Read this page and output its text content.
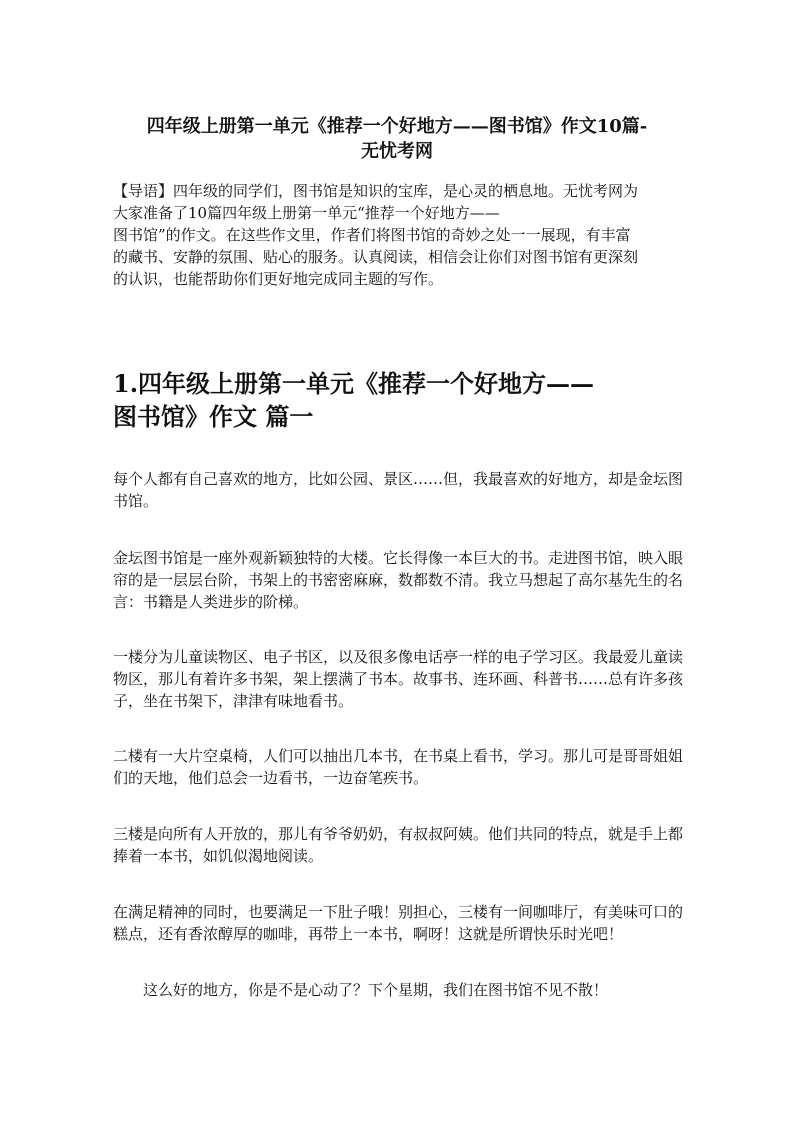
四年级上册第一单元《推荐一个好地方——图书馆》作文10篇-
无忧考网

【导语】四年级的同学们，图书馆是知识的宝库，是心灵的栖息地。无忧考网为
大家准备了10篇四年级上册第一单元“推荐一个好地方——
图书馆”的作文。在这些作文里，作者们将图书馆的奇妙之处一一展现，有丰富
的藏书、安静的氛围、贴心的服务。认真阅读，相信会让你们对图书馆有更深刻
的认识，也能帮助你们更好地完成同主题的写作。

1.四年级上册第一单元《推荐一个好地方——
图书馆》作文 篇一

每个人都有自己喜欢的地方，比如公园、景区……但，我最喜欢的好地方，却是金坛图书馆。

金坛图书馆是一座外观新颖独特的大楼。它长得像一本巨大的书。走进图书馆，映入眼帘的是一层层台阶，书架上的书密密麻麻，数都数不清。我立马想起了高尔基先生的名言：书籍是人类进步的阶梯。

一楼分为儿童读物区、电子书区，以及很多像电话亭一样的电子学习区。我最爱儿童读物区，那儿有着许多书架，架上摆满了书本。故事书、连环画、科普书……总有许多孩子，坐在书架下，津津有味地看书。

二楼有一大片空桌椅，人们可以抽出几本书，在书桌上看书，学习。那儿可是哥哥姐姐们的天地，他们总会一边看书，一边奋笔疾书。

三楼是向所有人开放的，那儿有爷爷奶奶，有叔叔阿姨。他们共同的特点，就是手上都捧着一本书，如饥似渴地阅读。

在满足精神的同时，也要满足一下肚子哦！别担心，三楼有一间咖啡厅，有美味可口的糕点，还有香浓醇厚的咖啡，再带上一本书，啊呀！这就是所谓快乐时光吧！

这么好的地方，你是不是心动了？下个星期，我们在图书馆不见不散！
